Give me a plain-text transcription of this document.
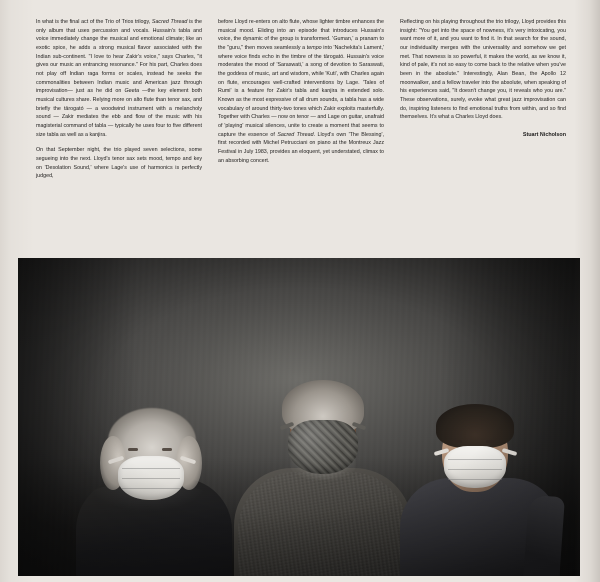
In what is the final act of the Trio of Trios trilogy, Sacred Thread is the only album that uses percussion and vocals. Hussain's tabla and voice immediately change the musical and emotional climate; like an exotic spice, he adds a strong musical flavor associated with the Indian sub-continent. "I love to hear Zakir's voice," says Charles, "it gives our music an entrancing resonance." For his part, Charles does not play off Indian raga forms or scales, instead he seeks the commonalities between Indian music and American jazz through improvisation— just as he did on Geeta —the key element both musical cultures share. Relying more on alto flute than tenor sax, and briefly the tārogató — a woodwind instrument with a melancholy sound — Zakir mediates the ebb and flow of the music with his magisterial command of tabla — typically he uses four to five different size tabla as well as a kanjira.

On that September night, the trio played seven selections, some segueing into the next. Lloyd's tenor sax sets mood, tempo and key on 'Desolation Sound,' where Lage's use of harmonics is perfectly judged,

before Lloyd re-enters on alto flute, whose lighter timbre enhances the musical mood. Eliding into an episode that introduces Hussain's voice, the dynamic of the group is transformed. 'Guman,' a pranam to the "guru," then moves seamlessly a tempo into 'Nachekita's Lament,' where voice finds echo in the timbre of the tārogató. Hussain's voice moderates the mood of 'Saraswati,' a song of devotion to Saraswati, the goddess of music, art and wisdom, while 'Kuti', with Charles again on flute, encourages well-crafted interventions by Lage. 'Tales of Rumi' is a feature for Zakir's tabla and kanjira in extended solo. Known as the most expressive of all drum sounds, a tabla has a wide vocabulary of around thirty-two tones which Zakir exploits masterfully. Together with Charles — now on tenor — and Lage on guitar, unafraid of 'playing' musical silences, unite to create a moment that seems to capture the essence of Sacred Thread. Lloyd's own 'The Blessing', first recorded with Michel Petrucciani on piano at the Montreux Jazz Festival in July 1983, provides an eloquent, yet understated, climax to an absorbing concert.

Reflecting on his playing throughout the trio trilogy, Lloyd provides this insight: "You get into the space of nowness, it's very intoxicating, you want more of it, and you want to find it. In that search for the sound, our individuality merges with the universality and somehow we get met. That nowness is so powerful, it makes the world, as we know it, kind of pale, it's not so easy to come back to the relative when you've been in the absolute." Interestingly, Alan Bean, the Apollo 12 moonwalker, and a fellow traveler into the absolute, when speaking of his experiences said, "It doesn't change you, it reveals who you are." These observations, surely, evoke what great jazz improvisation can do, inspiring listeners to find emotional truths from within, and so find themselves. It's what a Charles Lloyd does.

Stuart Nicholson
